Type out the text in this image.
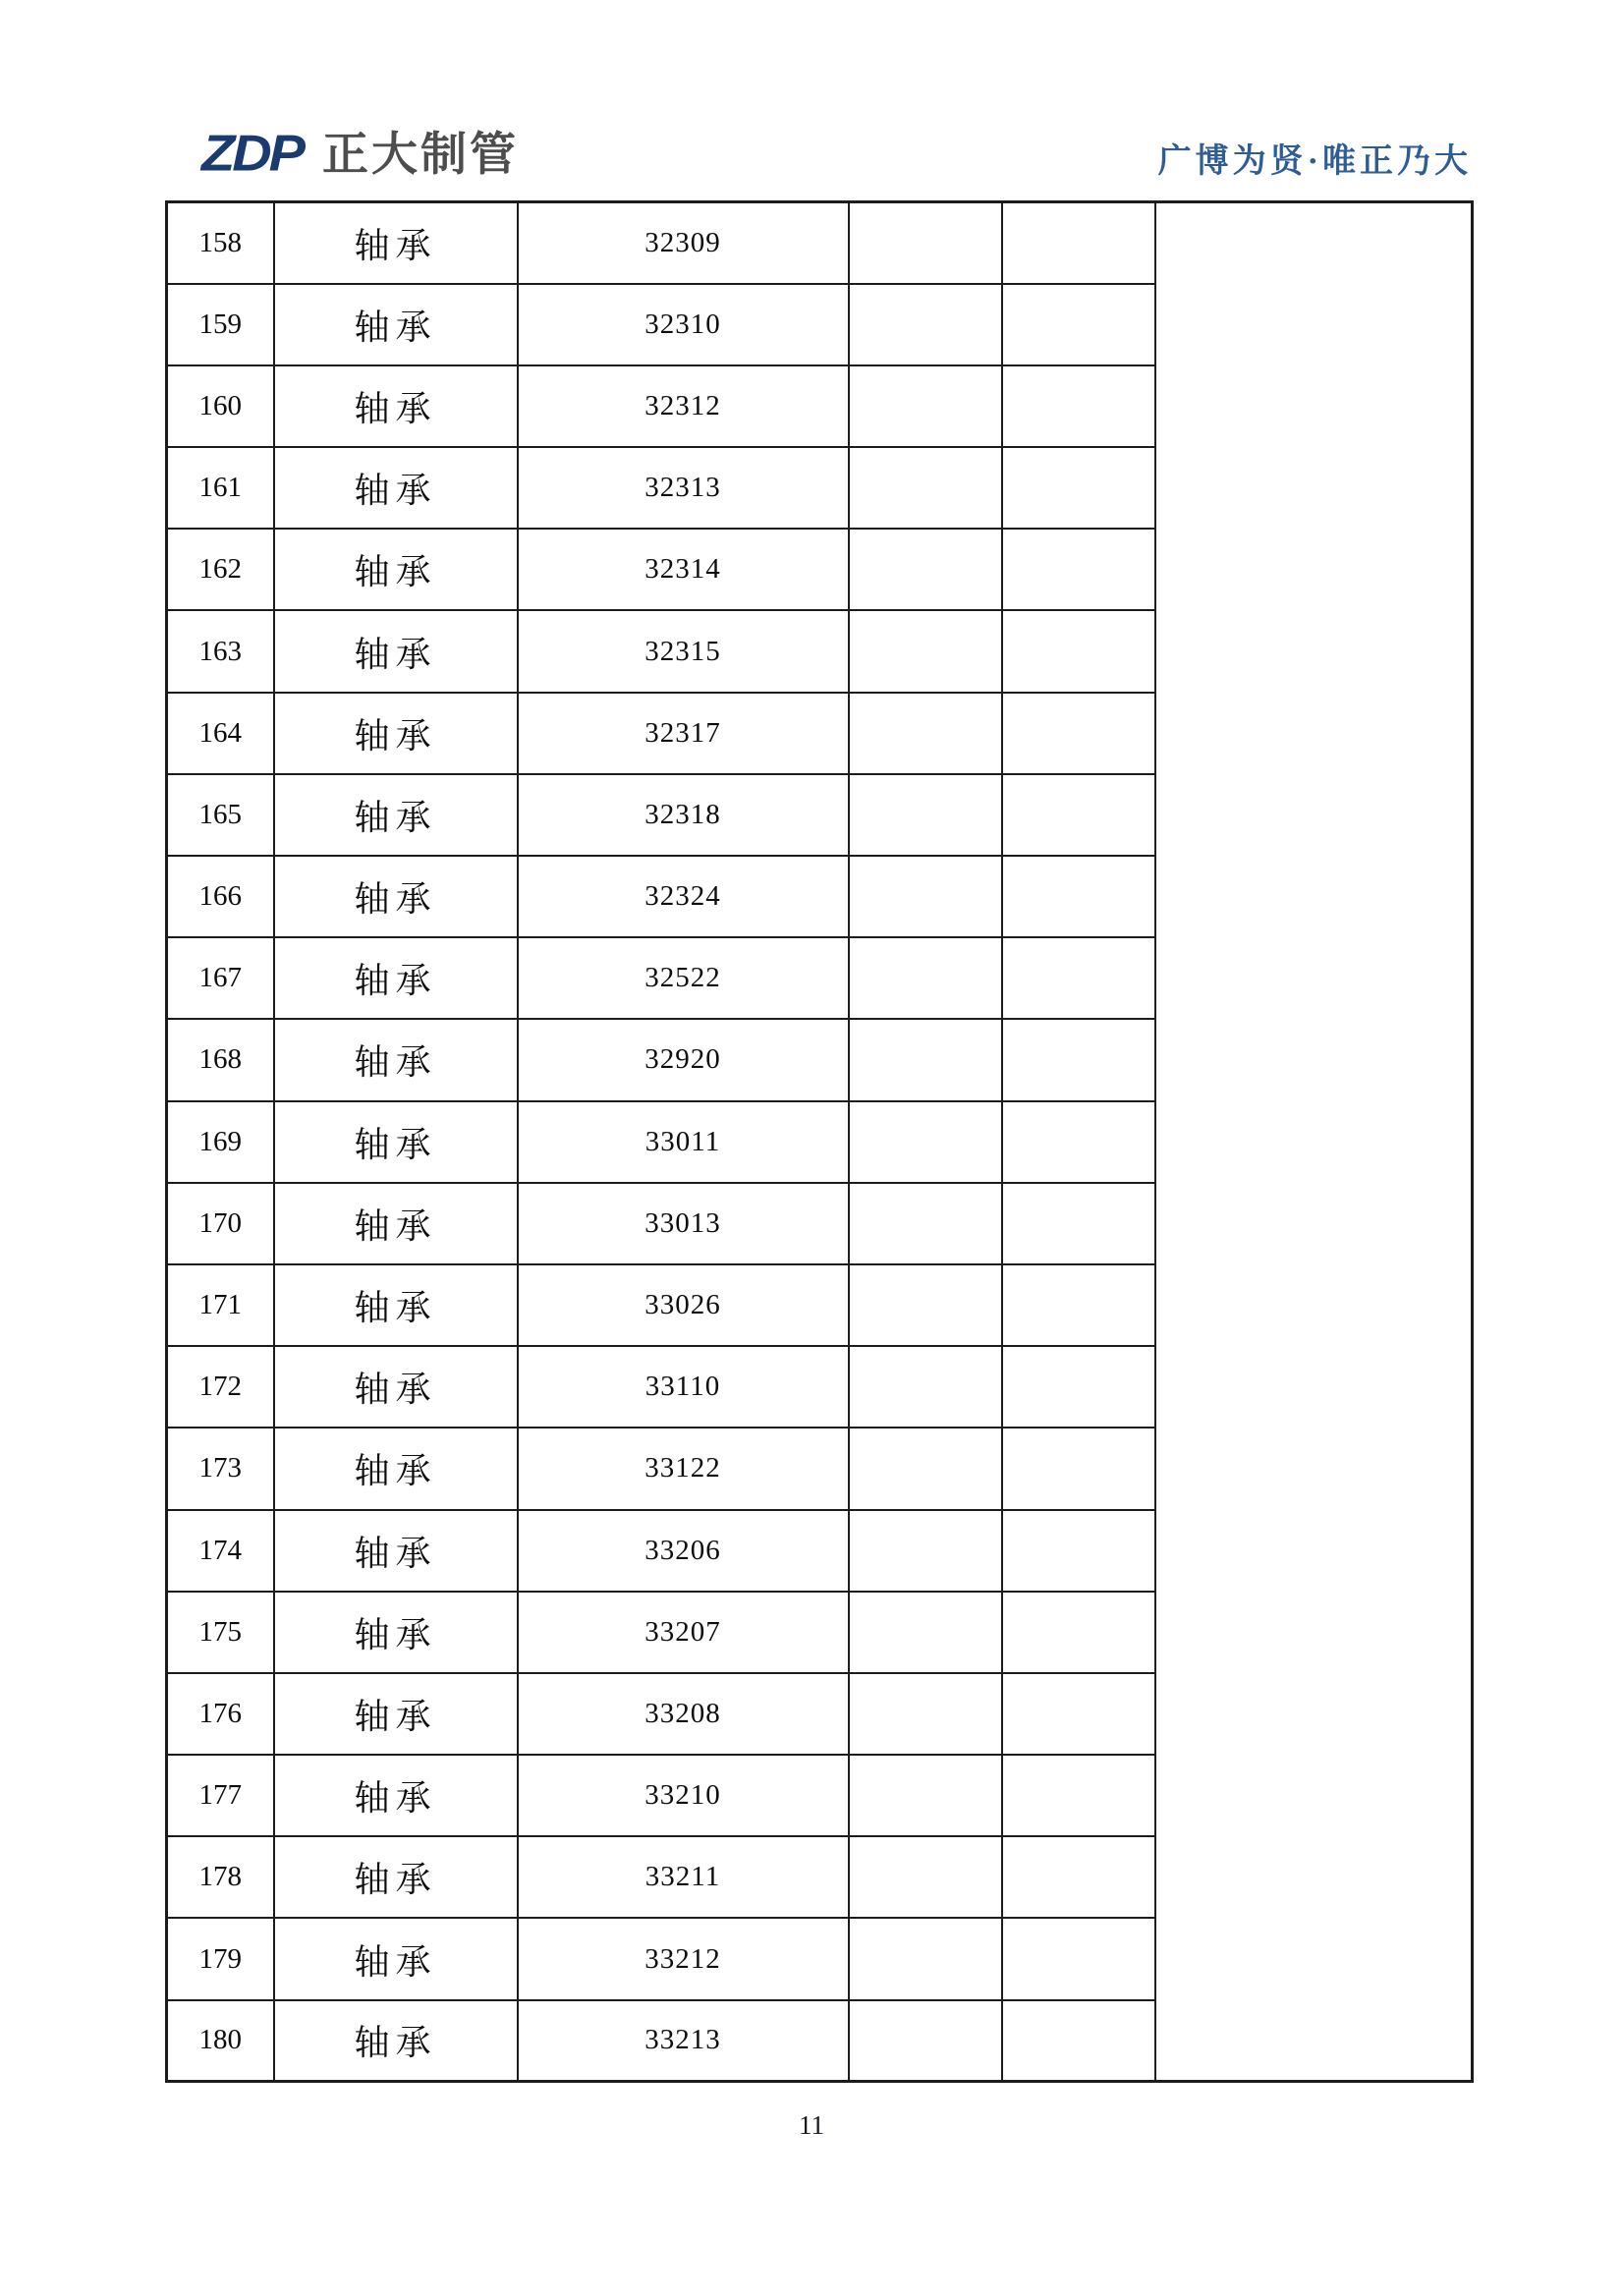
ZDP 正大制管	广博为贤·唯正乃大
158	轴承	32309			
159	轴承	32310			
160	轴承	32312			
161	轴承	32313			
162	轴承	32314			
163	轴承	32315			
164	轴承	32317			
165	轴承	32318			
166	轴承	32324			
167	轴承	32522			
168	轴承	32920			
169	轴承	33011			
170	轴承	33013			
171	轴承	33026			
172	轴承	33110			
173	轴承	33122			
174	轴承	33206			
175	轴承	33207			
176	轴承	33208			
177	轴承	33210			
178	轴承	33211			
179	轴承	33212			
180	轴承	33213			
11
